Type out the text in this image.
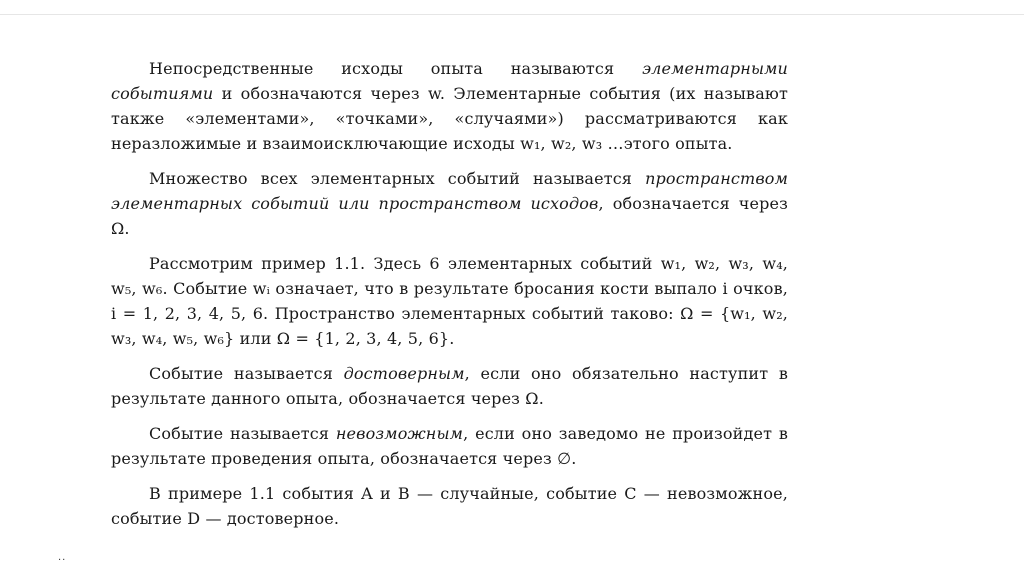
Непосредственные исходы опыта называются элементарными событиями и обозначаются через w. Элементарные события (их называют также «элементами», «точками», «случаями») рассматриваются как неразложимые и взаимоисключающие исходы w₁, w₂, w₃ …этого опыта.

Множество всех элементарных событий называется пространством элементарных событий или пространством исходов, обозначается через Ω.

Рассмотрим пример 1.1. Здесь 6 элементарных событий w₁, w₂, w₃, w₄, w₅, w₆. Событие wᵢ означает, что в результате бросания кости выпало i очков, i = 1, 2, 3, 4, 5, 6. Пространство элементарных событий таково: Ω = {w₁, w₂, w₃, w₄, w₅, w₆} или Ω = {1, 2, 3, 4, 5, 6}.

Событие называется достоверным, если оно обязательно наступит в результате данного опыта, обозначается через Ω.

Событие называется невозможным, если оно заведомо не произойдет в результате проведения опыта, обозначается через ∅.

В примере 1.1 события A и B — случайные, событие C — невозможное, событие D — достоверное.

..
